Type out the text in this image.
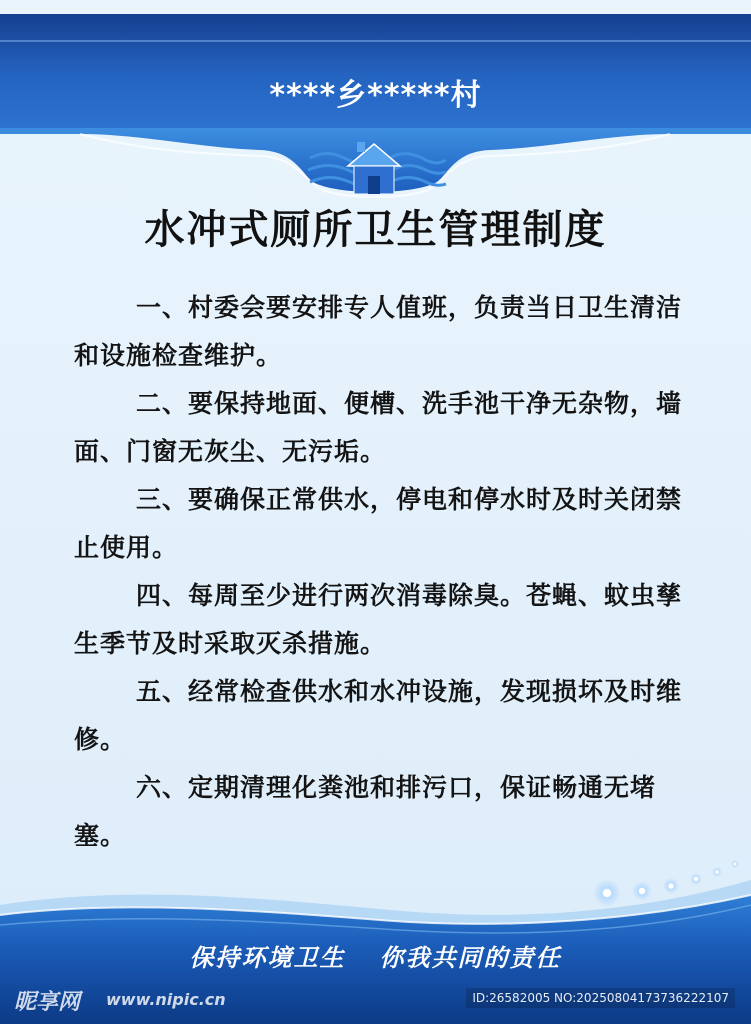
****乡*****村
水冲式厕所卫生管理制度

一、村委会要安排专人值班，负责当日卫生清洁和设施检查维护。

二、要保持地面、便槽、洗手池干净无杂物，墙面、门窗无灰尘、无污垢。

三、要确保正常供水，停电和停水时及时关闭禁止使用。

四、每周至少进行两次消毒除臭。苍蝇、蚊虫孳生季节及时采取灭杀措施。

五、经常检查供水和水冲设施，发现损坏及时维修。

六、定期清理化粪池和排污口，保证畅通无堵塞。

保持环境卫生 你我共同的责任
昵享网 www.nipic.cn	ID:26582005 NO:20250804173736222107
